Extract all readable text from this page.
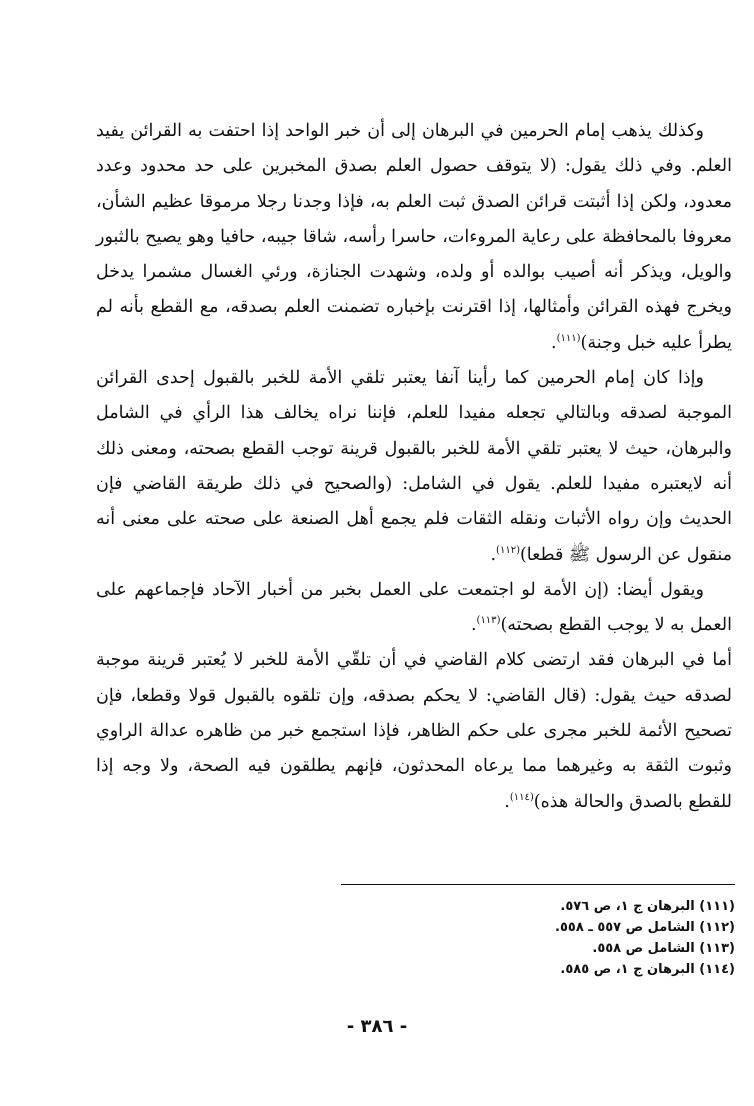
وكذلك يذهب إمام الحرمين في البرهان إلى أن خبر الواحد إذا احتفت به القرائن يفيد العلم. وفي ذلك يقول: (لا يتوقف حصول العلم بصدق المخبرين على حد محدود وعدد معدود، ولكن إذا أثبتت قرائن الصدق ثبت العلم به، فإذا وجدنا رجلا مرموقا عظيم الشأن، معروفا بالمحافظة على رعاية المروءات، حاسرا رأسه، شاقا جيبه، حافيا وهو يصيح بالثبور والويل، ويذكر أنه أصيب بوالده أو ولده، وشهدت الجنازة، ورئي الغسال مشمرا يدخل ويخرج فهذه القرائن وأمثالها، إذا اقترنت بإخباره تضمنت العلم بصدقه، مع القطع بأنه لم يطرأ عليه خبل وجنة)$^{(١١١)}$.

وإذا كان إمام الحرمين كما رأينا آنفا يعتبر تلقي الأمة للخبر بالقبول إحدى القرائن الموجبة لصدقه وبالتالي تجعله مفيدا للعلم، فإننا نراه يخالف هذا الرأي في الشامل والبرهان، حيث لا يعتبر تلقي الأمة للخبر بالقبول قرينة توجب القطع بصحته، ومعنى ذلك أنه لايعتبره مفيدا للعلم. يقول في الشامل: (والصحيح في ذلك طريقة القاضي فإن الحديث وإن رواه الأثبات ونقله الثقات فلم يجمع أهل الصنعة على صحته على معنى أنه منقول عن الرسول ﷺ قطعا)$^{(١١٢)}$.

ويقول أيضا: (إن الأمة لو اجتمعت على العمل بخبر من أخبار الآحاد فإجماعهم على العمل به لا يوجب القطع بصحته)$^{(١١٣)}$.

أما في البرهان فقد ارتضى كلام القاضي في أن تلقّي الأمة للخبر لا يُعتبر قرينة موجبة لصدقه حيث يقول: (قال القاضي: لا يحكم بصدقه، وإن تلقوه بالقبول قولا وقطعا، فإن تصحيح الأئمة للخبر مجرى على حكم الظاهر، فإذا استجمع خبر من ظاهره عدالة الراوي وثبوت الثقة به وغيرهما مما يرعاه المحدثون، فإنهم يطلقون فيه الصحة، ولا وجه إذا للقطع بالصدق والحالة هذه)$^{(١١٤)}$.

(١١١) البرهان ج ١، ص ٥٧٦.
(١١٢) الشامل ص ٥٥٧ ـ ٥٥٨.
(١١٣) الشامل ص ٥٥٨.
(١١٤) البرهان ج ١، ص ٥٨٥.
- ٣٨٦ -
